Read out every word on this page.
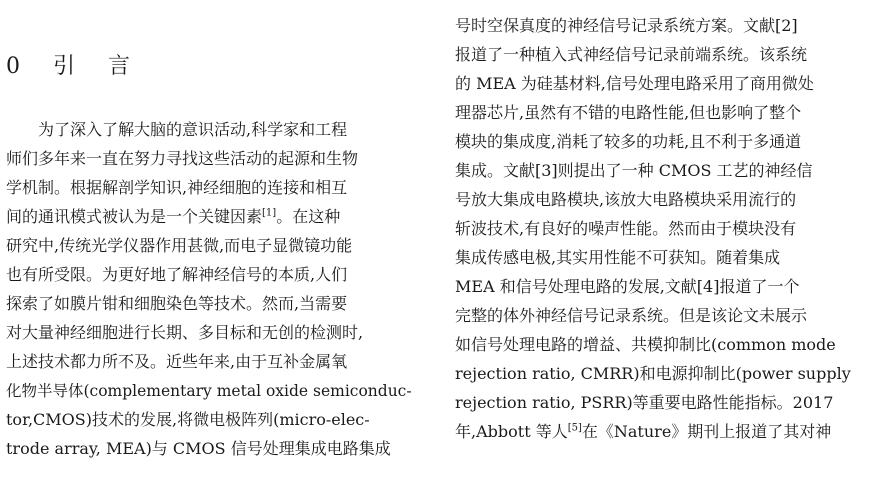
0 引 言
为了深入了解大脑的意识活动,科学家和工程
师们多年来一直在努力寻找这些活动的起源和生物
学机制。根据解剖学知识,神经细胞的连接和相互
间的通讯模式被认为是一个关键因素[1]。在这种
研究中,传统光学仪器作用甚微,而电子显微镜功能
也有所受限。为更好地了解神经信号的本质,人们
探索了如膜片钳和细胞染色等技术。然而,当需要
对大量神经细胞进行长期、多目标和无创的检测时,
上述技术都力所不及。近些年来,由于互补金属氧
化物半导体(complementary metal oxide semiconduc-
tor,CMOS)技术的发展,将微电极阵列(micro-elec-
trode array, MEA)与 CMOS 信号处理集成电路集成
号时空保真度的神经信号记录系统方案。文献[2]
报道了一种植入式神经信号记录前端系统。该系统
的 MEA 为硅基材料,信号处理电路采用了商用微处
理器芯片,虽然有不错的电路性能,但也影响了整个
模块的集成度,消耗了较多的功耗,且不利于多通道
集成。文献[3]则提出了一种 CMOS 工艺的神经信
号放大集成电路模块,该放大电路模块采用流行的
斩波技术,有良好的噪声性能。然而由于模块没有
集成传感电极,其实用性能不可获知。随着集成
MEA 和信号处理电路的发展,文献[4]报道了一个
完整的体外神经信号记录系统。但是该论文未展示
如信号处理电路的增益、共模抑制比(common mode
rejection ratio, CMRR)和电源抑制比(power supply
rejection ratio, PSRR)等重要电路性能指标。2017
年,Abbott 等人[5]在《Nature》期刊上报道了其对神
